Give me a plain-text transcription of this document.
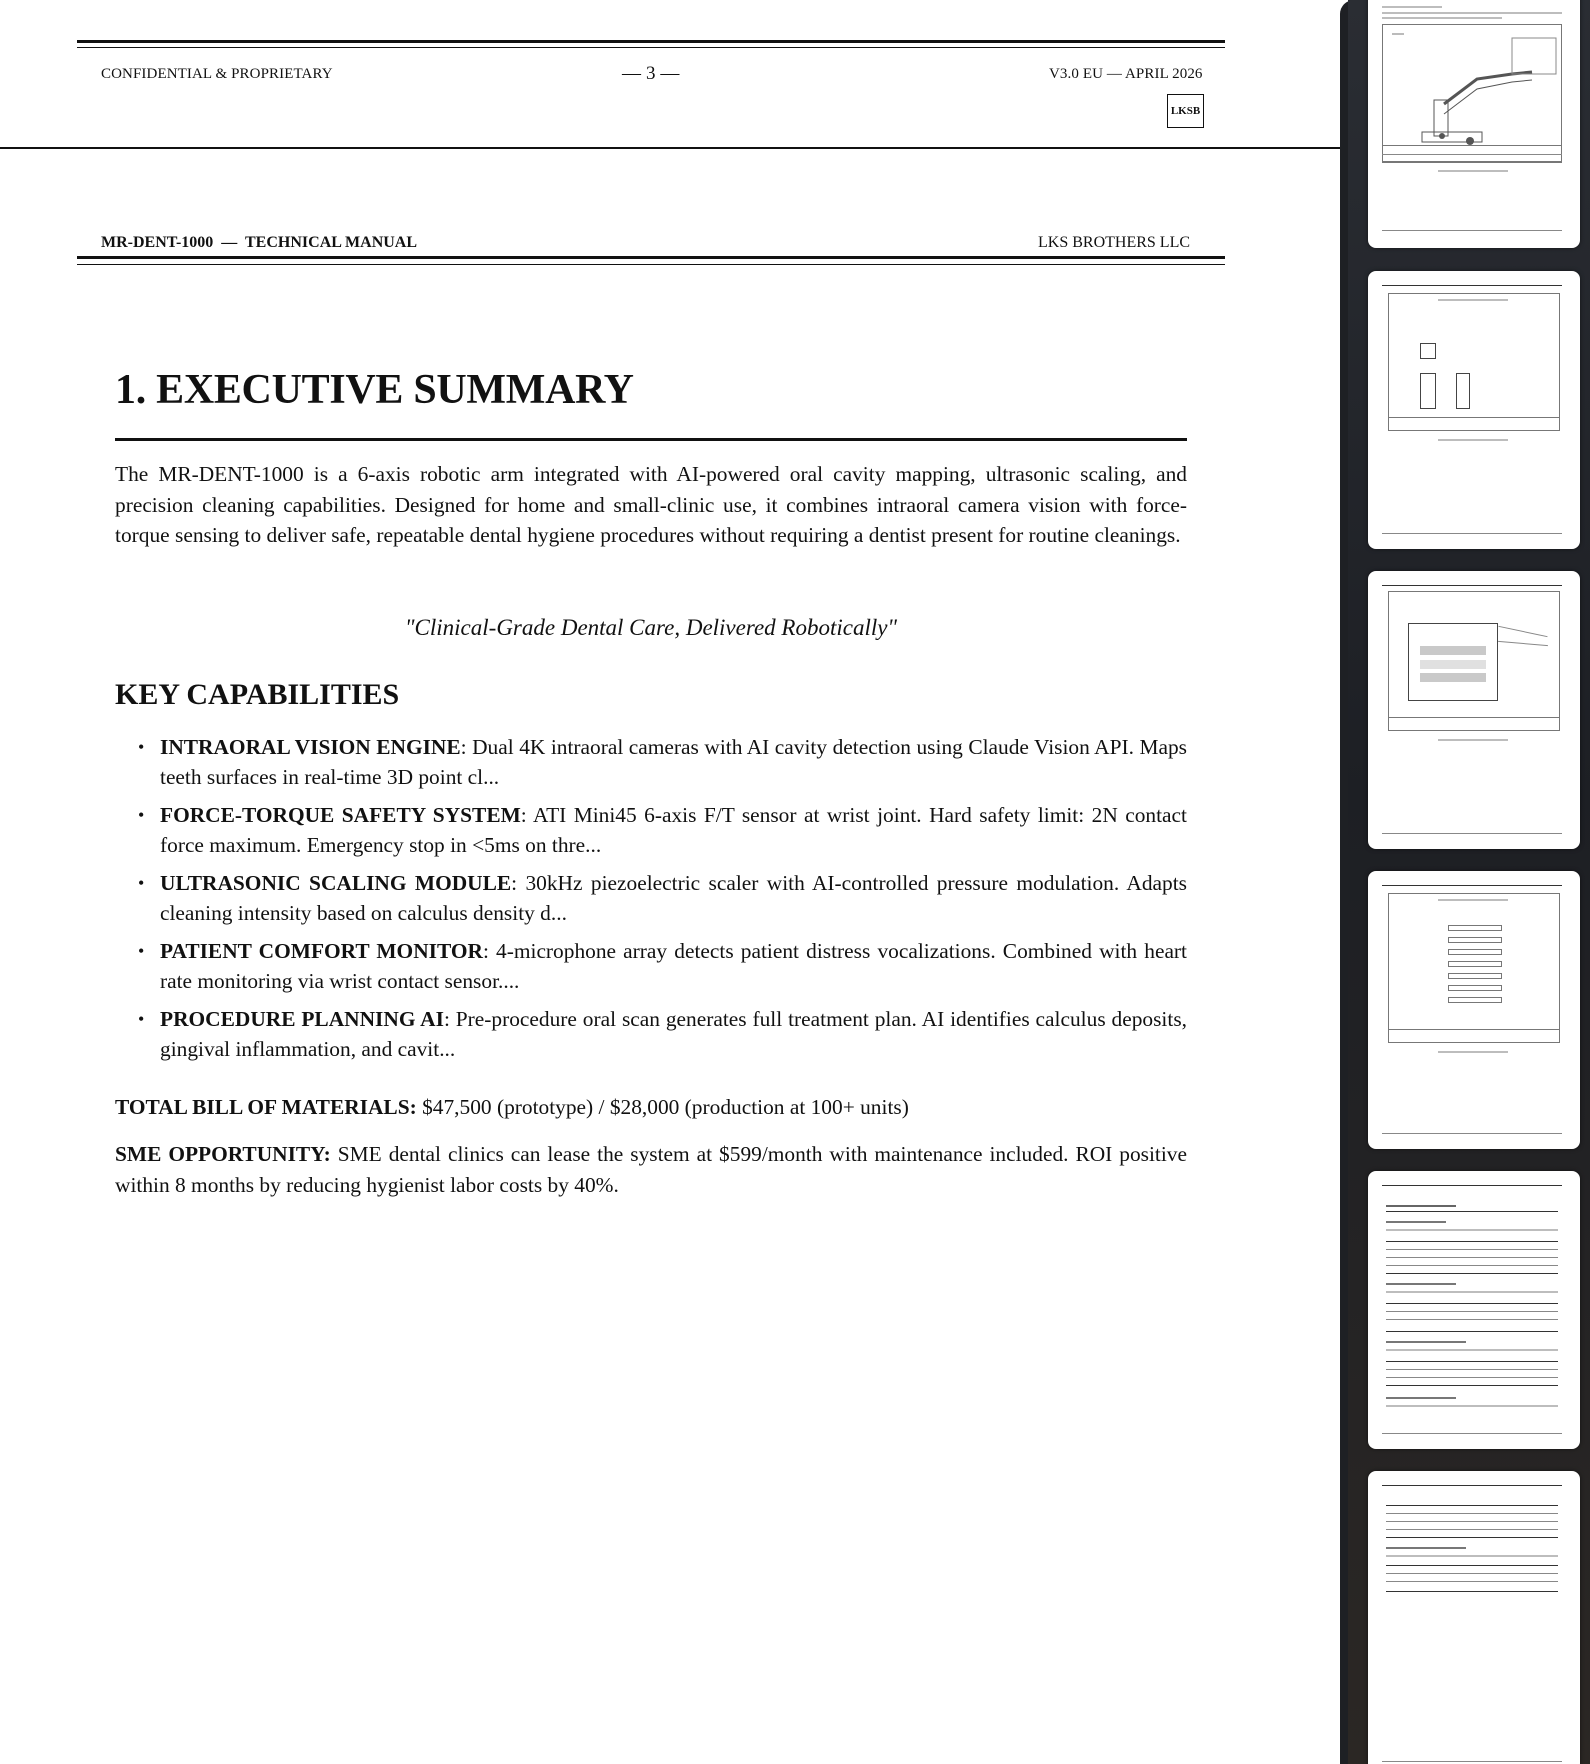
CONFIDENTIAL & PROPRIETARY	— 3 —	V3.0 EU — APRIL 2026
LKSB
MR-DENT-1000  —  TECHNICAL MANUAL	LKS BROTHERS LLC
1. EXECUTIVE SUMMARY

The MR-DENT-1000 is a 6-axis robotic arm integrated with AI-powered oral cavity mapping, ultrasonic scaling, and precision cleaning capabilities. Designed for home and small-clinic use, it combines intraoral camera vision with force-torque sensing to deliver safe, repeatable dental hygiene procedures without requiring a dentist present for routine cleanings.

"Clinical-Grade Dental Care, Delivered Robotically"

KEY CAPABILITIES
• INTRAORAL VISION ENGINE: Dual 4K intraoral cameras with AI cavity detection using Claude Vision API. Maps teeth surfaces in real-time 3D point cl...
• FORCE-TORQUE SAFETY SYSTEM: ATI Mini45 6-axis F/T sensor at wrist joint. Hard safety limit: 2N contact force maximum. Emergency stop in <5ms on thre...
• ULTRASONIC SCALING MODULE: 30kHz piezoelectric scaler with AI-controlled pressure modulation. Adapts cleaning intensity based on calculus density d...
• PATIENT COMFORT MONITOR: 4-microphone array detects patient distress vocalizations. Combined with heart rate monitoring via wrist contact sensor....
• PROCEDURE PLANNING AI: Pre-procedure oral scan generates full treatment plan. AI identifies calculus deposits, gingival inflammation, and cavit...

TOTAL BILL OF MATERIALS: $47,500 (prototype) / $28,000 (production at 100+ units)

SME OPPORTUNITY: SME dental clinics can lease the system at $599/month with maintenance included. ROI positive within 8 months by reducing hygienist labor costs by 40%.
